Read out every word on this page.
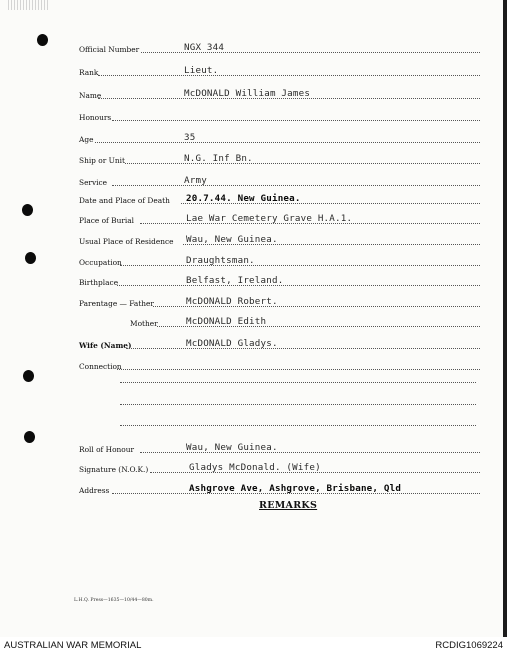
Official Number	NGX 344
Rank	Lieut.
Name	McDONALD William James
Honours
Age	35
Ship or Unit	N.G. Inf Bn.
Service	Army
Date and Place of Death 20.7.44. New Guinea.
Place of Burial	Lae War Cemetery Grave H.A.1.
Usual Place of Residence Wau, New Guinea.
Occupation	Draughtsman.
Birthplace	Belfast, Ireland.
Parentage — Father	McDONALD Robert.
Mother	McDONALD Edith
Wife (Name)	McDONALD Gladys.
Connection
Roll of Honour	Wau, New Guinea.
Signature (N.O.K.)	Gladys McDonald. (Wife)
Address	Ashgrove Ave, Ashgrove, Brisbane, Qld
REMARKS
L.H.Q. Press—1635—10/44—80m.
AUSTRALIAN WAR MEMORIAL	RCDIG1069224
